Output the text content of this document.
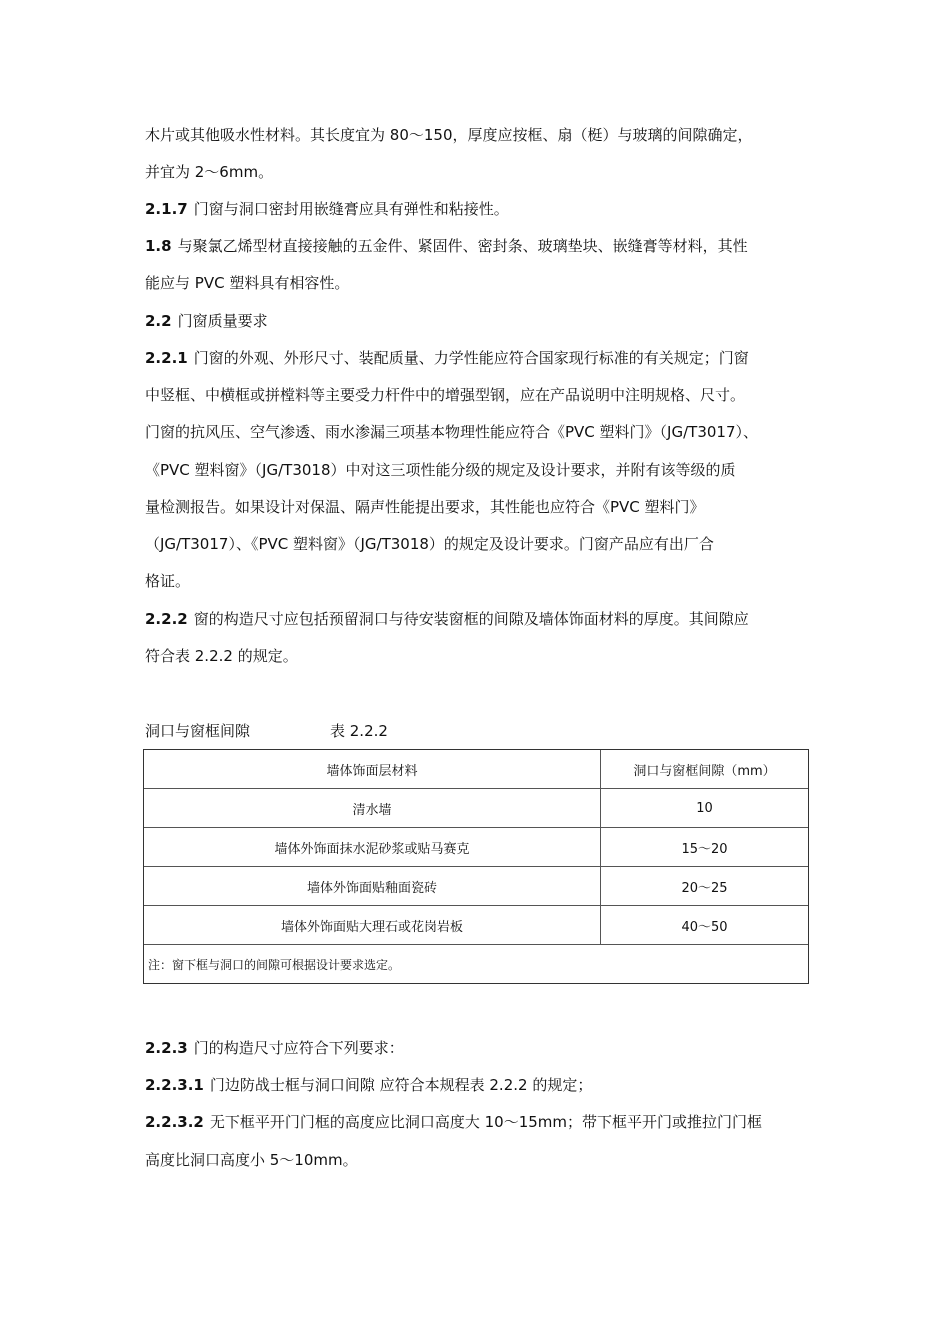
木片或其他吸水性材料。其长度宜为 80～150，厚度应按框、扇（梃）与玻璃的间隙确定，
并宜为 2～6mm。
2.1.7 门窗与洞口密封用嵌缝膏应具有弹性和粘接性。
1.8 与聚氯乙烯型材直接接触的五金件、紧固件、密封条、玻璃垫块、嵌缝膏等材料，其性
能应与 PVC 塑料具有相容性。
2.2 门窗质量要求
2.2.1 门窗的外观、外形尺寸、装配质量、力学性能应符合国家现行标准的有关规定；门窗
中竖框、中横框或拼樘料等主要受力杆件中的增强型钢，应在产品说明中注明规格、尺寸。
门窗的抗风压、空气渗透、雨水渗漏三项基本物理性能应符合《PVC 塑料门》（JG/T3017）、
《PVC 塑料窗》（JG/T3018）中对这三项性能分级的规定及设计要求，并附有该等级的质
量检测报告。如果设计对保温、隔声性能提出要求，其性能也应符合《PVC 塑料门》
（JG/T3017）、《PVC 塑料窗》（JG/T3018）的规定及设计要求。门窗产品应有出厂合
格证。
2.2.2 窗的构造尺寸应包括预留洞口与待安装窗框的间隙及墙体饰面材料的厚度。其间隙应
符合表 2.2.2 的规定。
洞口与窗框间隙	表 2.2.2
墙体饰面层材料	洞口与窗框间隙（mm）
清水墙	10
墙体外饰面抹水泥砂浆或贴马赛克	15～20
墙体外饰面贴釉面瓷砖	20～25
墙体外饰面贴大理石或花岗岩板	40～50
注：窗下框与洞口的间隙可根据设计要求选定。	
2.2.3 门的构造尺寸应符合下列要求：
2.2.3.1 门边防战士框与洞口间隙 应符合本规程表 2.2.2 的规定；
2.2.3.2 无下框平开门门框的高度应比洞口高度大 10～15mm；带下框平开门或推拉门门框
高度比洞口高度小 5～10mm。
